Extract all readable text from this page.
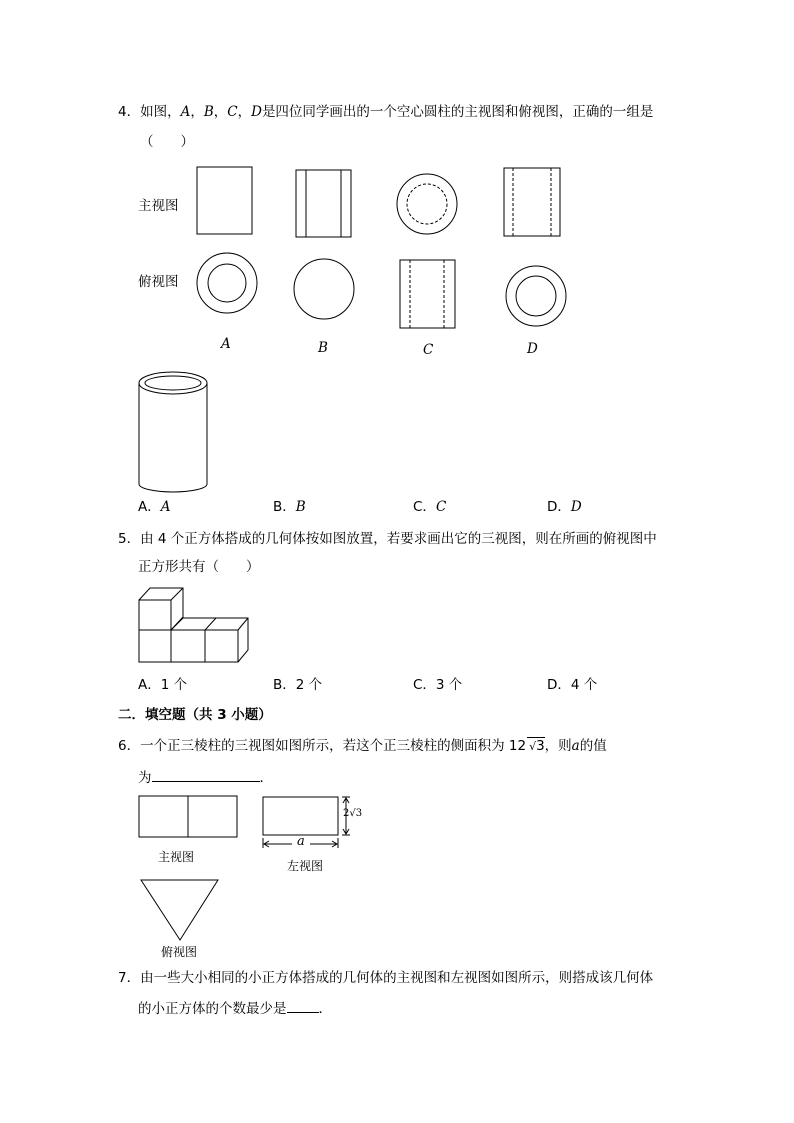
4．如图，A，B，C，D是四位同学画出的一个空心圆柱的主视图和俯视图，正确的一组是
（　　）
主视图
俯视图
A	B	C	D
A．A	B．B	C．C	D．D
5．由 4 个正方体搭成的几何体按如图放置，若要求画出它的三视图，则在所画的俯视图中
正方形共有（　　）
A．1 个	B．2 个	C．3 个	D．4 个
二．填空题（共 3 小题）
6．一个正三棱柱的三视图如图所示，若这个正三棱柱的侧面积为 12 √3，则a的值
为	．
2√3
a
主视图
左视图
俯视图
7．由一些大小相同的小正方体搭成的几何体的主视图和左视图如图所示，则搭成该几何体
的小正方体的个数最少是 ．
